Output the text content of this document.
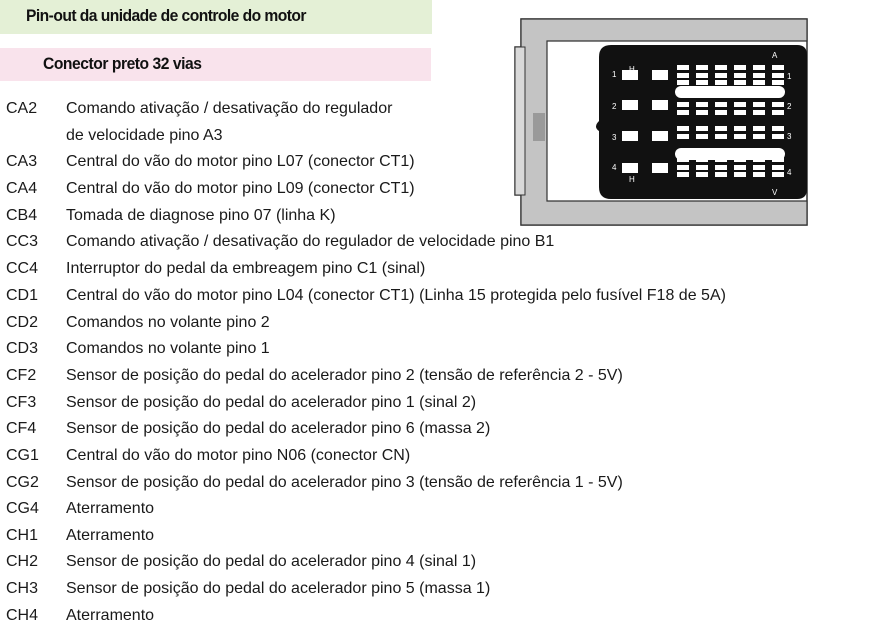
Pin-out da unidade de controle do motor
Conector preto 32 vias	A
V
H
H
1
2
3
4
1
2
3
4
CA2 Comando ativação / desativação do regulador
de velocidade pino A3
CA3 Central do vão do motor pino L07 (conector CT1)
CA4 Central do vão do motor pino L09 (conector CT1)
CB4 Tomada de diagnose pino 07 (linha K)
CC3 Comando ativação / desativação do regulador de velocidade pino B1
CC4 Interruptor do pedal da embreagem pino C1 (sinal)
CD1 Central do vão do motor pino L04 (conector CT1) (Linha 15 protegida pelo fusível F18 de 5A)
CD2 Comandos no volante pino 2
CD3 Comandos no volante pino 1
CF2 Sensor de posição do pedal do acelerador pino 2 (tensão de referência 2 - 5V)
CF3 Sensor de posição do pedal do acelerador pino 1 (sinal 2)
CF4 Sensor de posição do pedal do acelerador pino 6 (massa 2)
CG1 Central do vão do motor pino N06 (conector CN)
CG2 Sensor de posição do pedal do acelerador pino 3 (tensão de referência 1 - 5V)
CG4 Aterramento
CH1 Aterramento
CH2 Sensor de posição do pedal do acelerador pino 4 (sinal 1)
CH3 Sensor de posição do pedal do acelerador pino 5 (massa 1)
CH4 Aterramento
